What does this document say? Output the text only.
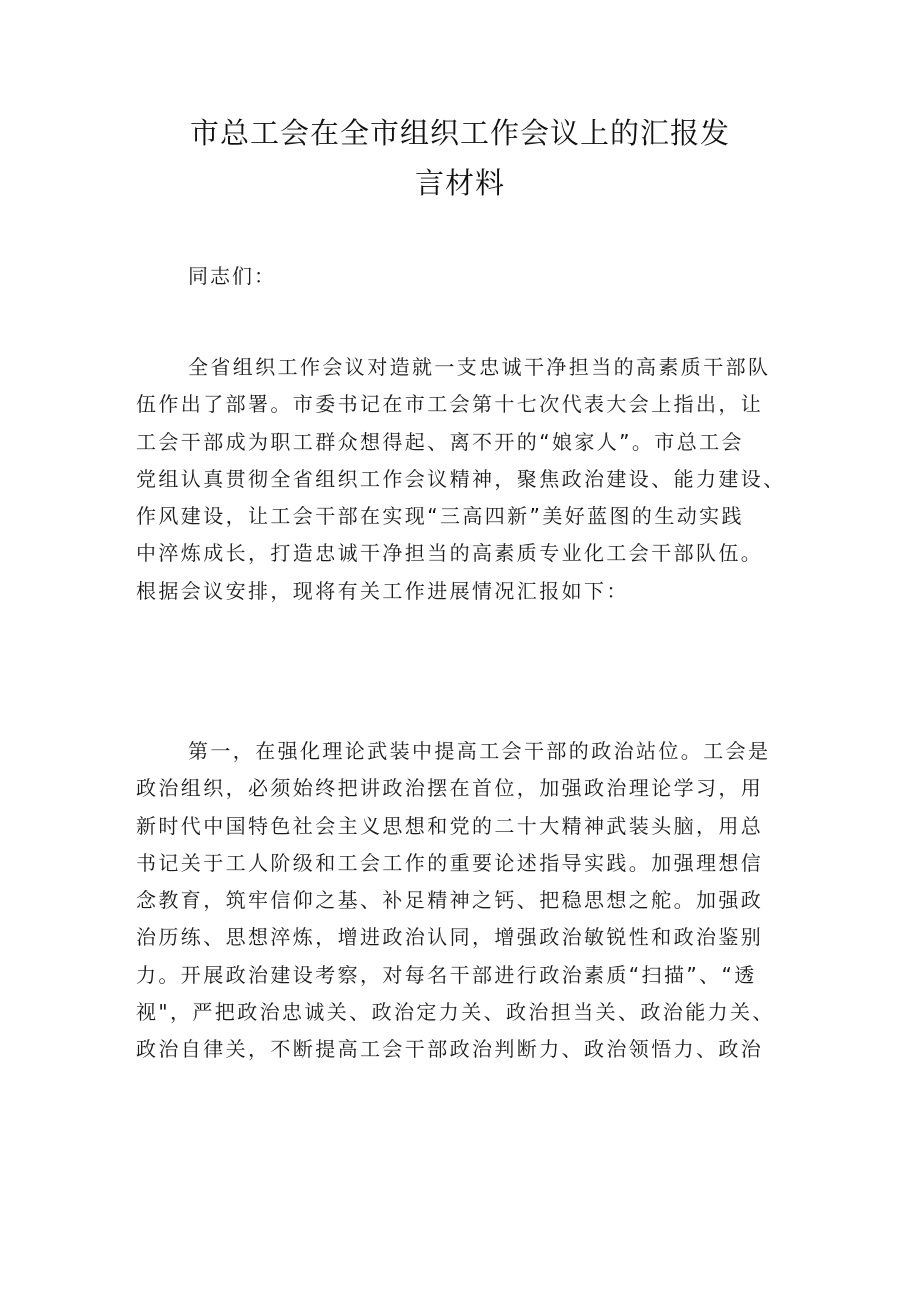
市总工会在全市组织工作会议上的汇报发
言材料
同志们：
全省组织工作会议对造就一支忠诚干净担当的高素质干部队
伍作出了部署。市委书记在市工会第十七次代表大会上指出，让
工会干部成为职工群众想得起、离不开的“娘家人”。市总工会
党组认真贯彻全省组织工作会议精神，聚焦政治建设、能力建设、
作风建设，让工会干部在实现“三高四新”美好蓝图的生动实践
中淬炼成长，打造忠诚干净担当的高素质专业化工会干部队伍。
根据会议安排，现将有关工作进展情况汇报如下：
第一，在强化理论武装中提高工会干部的政治站位。工会是
政治组织，必须始终把讲政治摆在首位，加强政治理论学习，用
新时代中国特色社会主义思想和党的二十大精神武装头脑，用总
书记关于工人阶级和工会工作的重要论述指导实践。加强理想信
念教育，筑牢信仰之基、补足精神之钙、把稳思想之舵。加强政
治历练、思想淬炼，增进政治认同，增强政治敏锐性和政治鉴别
力。开展政治建设考察，对每名干部进行政治素质“扫描”、“透
视"，严把政治忠诚关、政治定力关、政治担当关、政治能力关、
政治自律关，不断提高工会干部政治判断力、政治领悟力、政治
